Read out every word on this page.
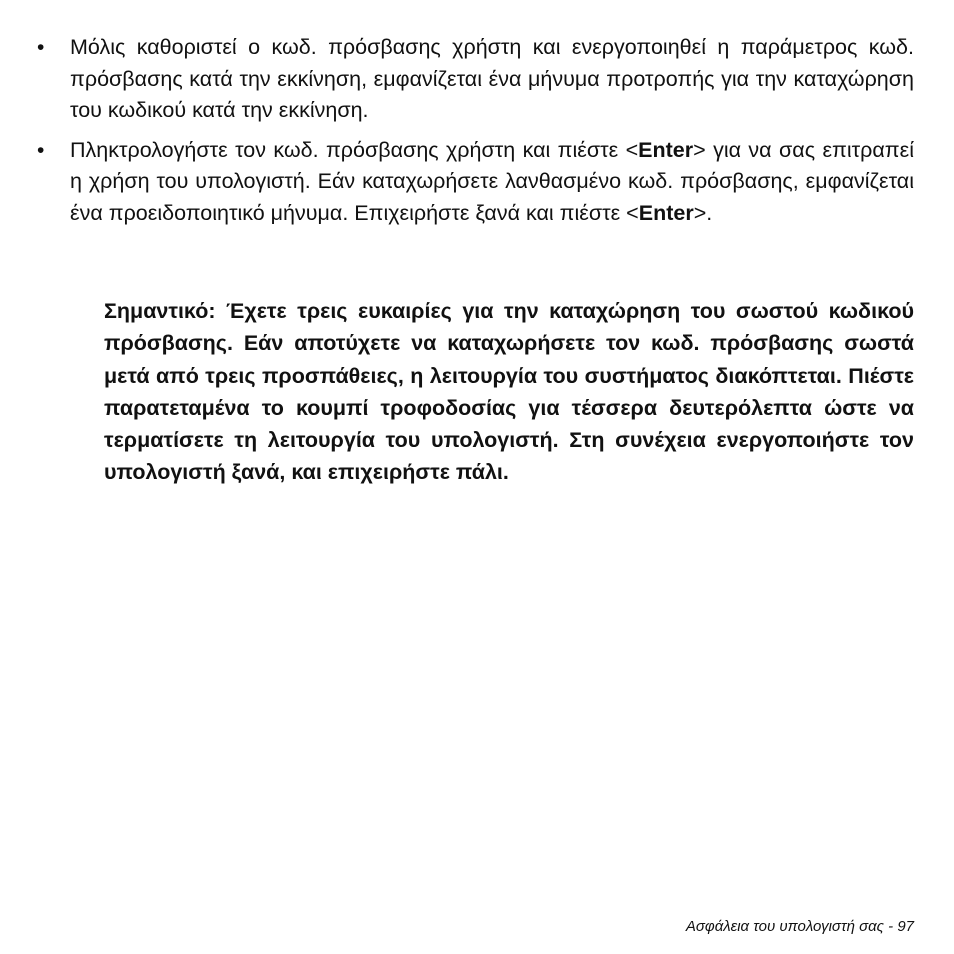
• Μόλις καθοριστεί ο κωδ. πρόσβασης χρήστη και ενεργοποιηθεί η παράμετρος κωδ. πρόσβασης κατά την εκκίνηση, εμφανίζεται ένα μήνυμα προτροπής για την καταχώρηση του κωδικού κατά την εκκίνηση.
• Πληκτρολογήστε τον κωδ. πρόσβασης χρήστη και πιέστε <Enter> για να σας επιτραπεί η χρήση του υπολογιστή. Εάν καταχωρήσετε λανθασμένο κωδ. πρόσβασης, εμφανίζεται ένα προειδοποιητικό μήνυμα. Επιχειρήστε ξανά και πιέστε <Enter>.
Σημαντικό: Έχετε τρεις ευκαιρίες για την καταχώρηση του σωστού κωδικού πρόσβασης. Εάν αποτύχετε να καταχωρήσετε τον κωδ. πρόσβασης σωστά μετά από τρεις προσπάθειες, η λειτουργία του συστήματος διακόπτεται. Πιέστε παρατεταμένα το κουμπί τροφοδοσίας για τέσσερα δευτερόλεπτα ώστε να τερματίσετε τη λειτουργία του υπολογιστή. Στη συνέχεια ενεργοποιήστε τον υπολογιστή ξανά, και επιχειρήστε πάλι.
Ασφάλεια του υπολογιστή σας - 97
